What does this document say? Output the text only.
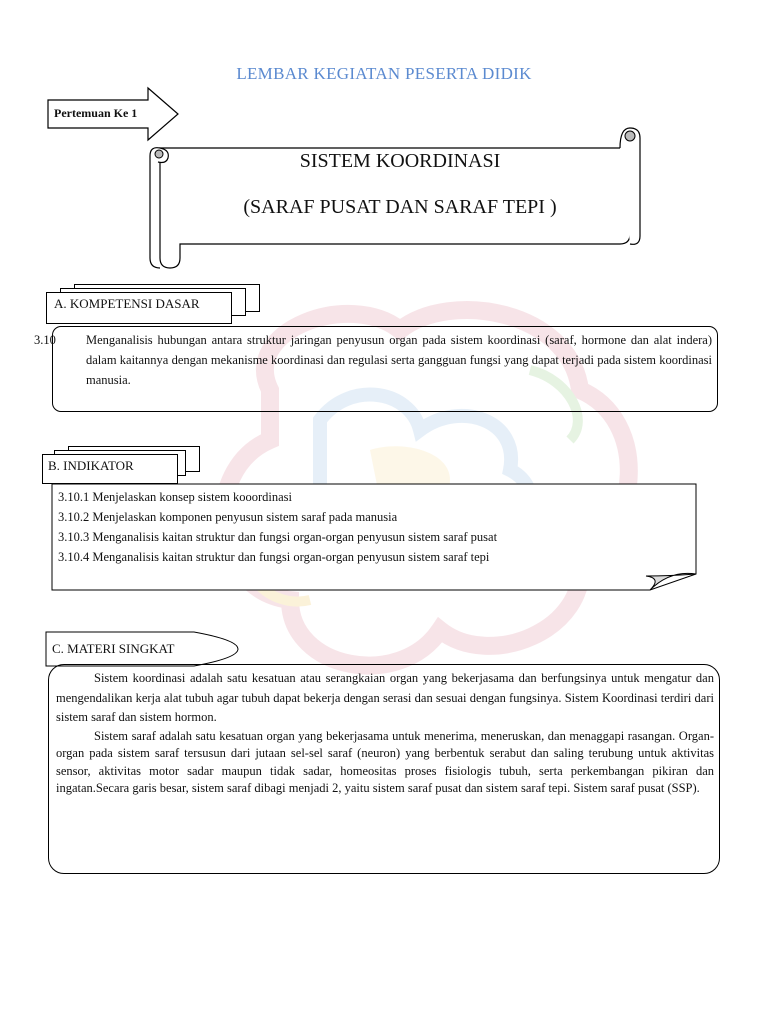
LEMBAR KEGIATAN PESERTA DIDIK
Pertemuan Ke 1
SISTEM KOORDINASI
(SARAF PUSAT DAN SARAF TEPI )
A. KOMPETENSI DASAR

3.10 Menganalisis hubungan antara struktur jaringan penyusun organ pada sistem koordinasi (saraf, hormone dan alat indera) dalam kaitannya dengan mekanisme koordinasi dan regulasi serta gangguan fungsi yang dapat terjadi pada sistem koordinasi manusia.

B. INDIKATOR
3.10.1 Menjelaskan konsep sistem kooordinasi
3.10.2 Menjelaskan komponen penyusun sistem saraf pada manusia
3.10.3 Menganalisis kaitan struktur dan fungsi organ-organ penyusun sistem saraf pusat
3.10.4 Menganalisis kaitan struktur dan fungsi organ-organ penyusun sistem saraf tepi
C. MATERI SINGKAT

Sistem koordinasi adalah satu kesatuan atau serangkaian organ yang bekerjasama dan berfungsinya untuk mengatur dan mengendalikan kerja alat tubuh agar tubuh dapat bekerja dengan serasi dan sesuai dengan fungsinya. Sistem Koordinasi terdiri dari sistem saraf dan sistem hormon.

Sistem saraf adalah satu kesatuan organ yang bekerjasama untuk menerima, meneruskan, dan menaggapi rasangan. Organ-organ pada sistem saraf tersusun dari jutaan sel-sel saraf (neuron) yang berbentuk serabut dan saling terubung untuk aktivitas sensor, aktivitas motor sadar maupun tidak sadar, homeositas proses fisiologis tubuh, serta perkembangan pikiran dan ingatan.Secara garis besar, sistem saraf dibagi menjadi 2, yaitu sistem saraf pusat dan sistem saraf tepi. Sistem saraf pusat (SSP).
